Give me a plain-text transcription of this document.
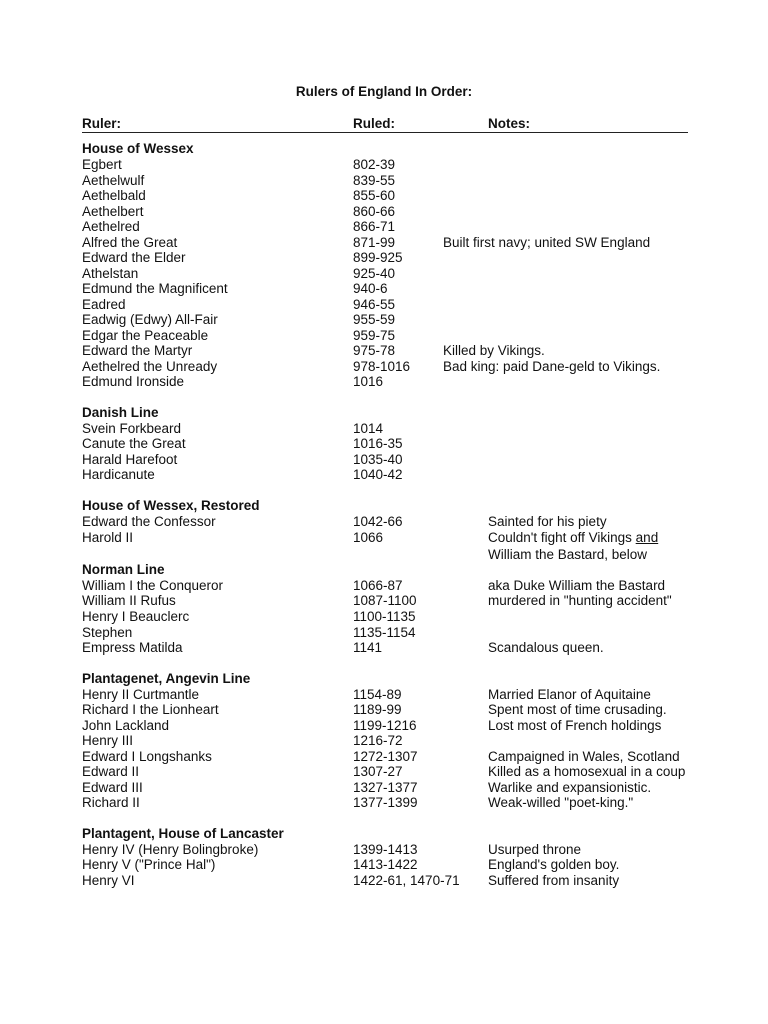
Rulers of England In Order:
Ruler:	Ruled:	Notes:
House of Wessex
Egbert	802-39
Aethelwulf	839-55
Aethelbald	855-60
Aethelbert	860-66
Aethelred	866-71
Alfred the Great	871-99	Built first navy; united SW England
Edward the Elder	899-925
Athelstan	925-40
Edmund the Magnificent	940-6
Eadred	946-55
Eadwig (Edwy) All-Fair	955-59
Edgar the Peaceable	959-75
Edward the Martyr	975-78	Killed by Vikings.
Aethelred the Unready	978-1016 Bad king: paid Dane-geld to Vikings.
Edmund Ironside	1016
Danish Line
Svein Forkbeard	1014
Canute the Great	1016-35
Harald Harefoot	1035-40
Hardicanute	1040-42
House of Wessex, Restored
Edward the Confessor	1042-66	Sainted for his piety
Harold II	1066	Couldn't fight off Vikings and
William the Bastard, below
Norman Line
William I the Conqueror	1066-87	aka Duke William the Bastard
William II Rufus	1087-1100	murdered in "hunting accident"
Henry I Beauclerc	1100-1135
Stephen	1135-1154
Empress Matilda	1141	Scandalous queen.
Plantagenet, Angevin Line
Henry II Curtmantle	1154-89	Married Elanor of Aquitaine
Richard I the Lionheart	1189-99	Spent most of time crusading.
John Lackland	1199-1216	Lost most of French holdings
Henry III	1216-72
Edward I Longshanks	1272-1307	Campaigned in Wales, Scotland
Edward II	1307-27	Killed as a homosexual in a coup
Edward III	1327-1377	Warlike and expansionistic.
Richard II	1377-1399	Weak-willed "poet-king."
Plantagent, House of Lancaster
Henry IV (Henry Bolingbroke)	1399-1413	Usurped throne
Henry V ("Prince Hal")	1413-1422	England's golden boy.
Henry VI	1422-61, 1470-71 Suffered from insanity
